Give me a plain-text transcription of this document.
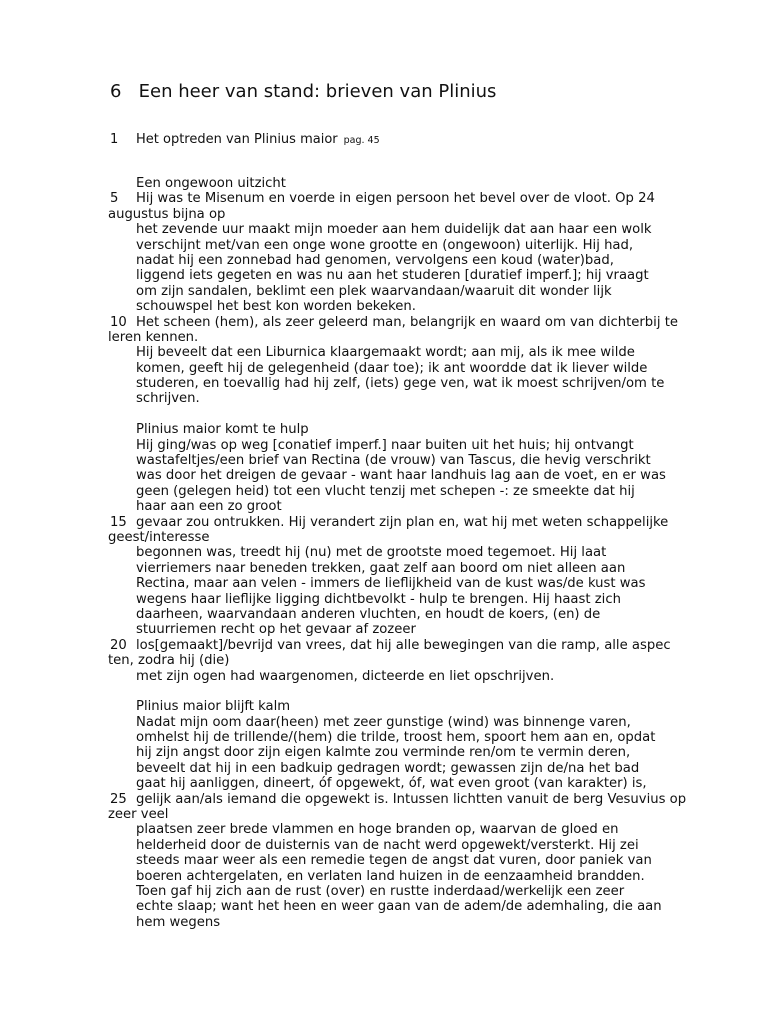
6 Een heer van stand: brieven van Plinius
1 Het optreden van Plinius maior pag. 45
Een ongewoon uitzicht
5 Hij was te Misenum en voerde in eigen persoon het bevel over de vloot. Op 24
augustus bijna op
het zevende uur maakt mijn moeder aan hem duidelijk dat aan haar een wolk
verschijnt met/van een onge wone grootte en (ongewoon) uiterlijk. Hij had,
nadat hij een zonnebad had genomen, vervolgens een koud (water)bad,
liggend iets gegeten en was nu aan het studeren [duratief imperf.]; hij vraagt
om zijn sandalen, beklimt een plek waarvandaan/waaruit dit wonder lijk
schouwspel het best kon worden bekeken.
10 Het scheen (hem), als zeer geleerd man, belangrijk en waard om van dichterbij te
leren kennen.
Hij beveelt dat een Liburnica klaargemaakt wordt; aan mij, als ik mee wilde
komen, geeft hij de gelegenheid (daar toe); ik ant woordde dat ik liever wilde
studeren, en toevallig had hij zelf, (iets) gege ven, wat ik moest schrijven/om te
schrijven.
Plinius maior komt te hulp
Hij ging/was op weg [conatief imperf.] naar buiten uit het huis; hij ontvangt
wastafeltjes/een brief van Rectina (de vrouw) van Tascus, die hevig verschrikt
was door het dreigen de gevaar - want haar landhuis lag aan de voet, en er was
geen (gelegen heid) tot een vlucht tenzij met schepen -: ze smeekte dat hij
haar aan een zo groot
15 gevaar zou ontrukken. Hij verandert zijn plan en, wat hij met weten schappelijke
geest/interesse
begonnen was, treedt hij (nu) met de grootste moed tegemoet. Hij laat
vierriemers naar beneden trekken, gaat zelf aan boord om niet alleen aan
Rectina, maar aan velen - immers de lieflijkheid van de kust was/de kust was
wegens haar lieflijke ligging dichtbevolkt - hulp te brengen. Hij haast zich
daarheen, waarvandaan anderen vluchten, en houdt de koers, (en) de
stuurriemen recht op het gevaar af zozeer
20 los[gemaakt]/bevrijd van vrees, dat hij alle bewegingen van die ramp, alle aspec
ten, zodra hij (die)
met zijn ogen had waargenomen, dicteerde en liet opschrijven.
Plinius maior blijft kalm
Nadat mijn oom daar(heen) met zeer gunstige (wind) was binnenge varen,
omhelst hij de trillende/(hem) die trilde, troost hem, spoort hem aan en, opdat
hij zijn angst door zijn eigen kalmte zou verminde ren/om te vermin deren,
beveelt dat hij in een badkuip gedragen wordt; gewassen zijn de/na het bad
gaat hij aanliggen, dineert, óf opgewekt, óf, wat even groot (van karakter) is,
25 gelijk aan/als iemand die opgewekt is. Intussen lichtten vanuit de berg Vesuvius op
zeer veel
plaatsen zeer brede vlammen en hoge branden op, waarvan de gloed en
helderheid door de duisternis van de nacht werd opgewekt/versterkt. Hij zei
steeds maar weer als een remedie tegen de angst dat vuren, door paniek van
boeren achtergelaten, en verlaten land huizen in de eenzaamheid brandden.
Toen gaf hij zich aan de rust (over) en rustte inderdaad/werkelijk een zeer
echte slaap; want het heen en weer gaan van de adem/de ademhaling, die aan
hem wegens
